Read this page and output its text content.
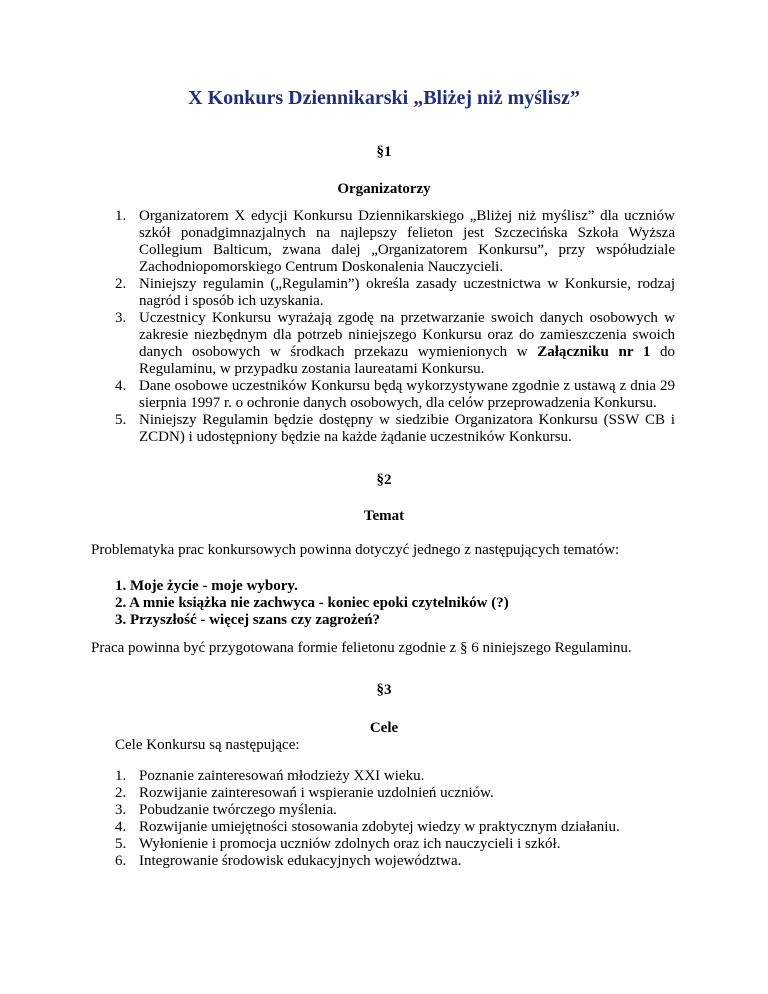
X Konkurs Dziennikarski „Bliżej niż myślisz”
§1
Organizatorzy
1. Organizatorem X edycji Konkursu Dziennikarskiego „Bliżej niż myślisz” dla uczniów szkół ponadgimnazjalnych na najlepszy felieton jest Szczecińska Szkoła Wyższa Collegium Balticum, zwana dalej „Organizatorem Konkursu”, przy współudziale Zachodniopomorskiego Centrum Doskonalenia Nauczycieli.
2. Niniejszy regulamin („Regulamin”) określa zasady uczestnictwa w Konkursie, rodzaj nagród i sposób ich uzyskania.
3. Uczestnicy Konkursu wyrażają zgodę na przetwarzanie swoich danych osobowych w zakresie niezbędnym dla potrzeb niniejszego Konkursu oraz do zamieszczenia swoich danych osobowych w środkach przekazu wymienionych w Załączniku nr 1 do Regulaminu, w przypadku zostania laureatami Konkursu.
4. Dane osobowe uczestników Konkursu będą wykorzystywane zgodnie z ustawą z dnia 29 sierpnia 1997 r. o ochronie danych osobowych, dla celów przeprowadzenia Konkursu.
5. Niniejszy Regulamin będzie dostępny w siedzibie Organizatora Konkursu (SSW CB i ZCDN) i udostępniony będzie na każde żądanie uczestników Konkursu.
§2
Temat
Problematyka prac konkursowych powinna dotyczyć jednego z następujących tematów:
1. Moje życie - moje wybory.
2. A mnie książka nie zachwyca - koniec epoki czytelników (?)
3. Przyszłość - więcej szans czy zagrożeń?
Praca powinna być przygotowana formie felietonu zgodnie z § 6 niniejszego Regulaminu.
§3
Cele
Cele Konkursu są następujące:
1. Poznanie zainteresowań młodzieży XXI wieku.
2. Rozwijanie zainteresowań i wspieranie uzdolnień uczniów.
3. Pobudzanie twórczego myślenia.
4. Rozwijanie umiejętności stosowania zdobytej wiedzy w praktycznym działaniu.
5. Wyłonienie i promocja uczniów zdolnych oraz ich nauczycieli i szkół.
6. Integrowanie środowisk edukacyjnych województwa.
